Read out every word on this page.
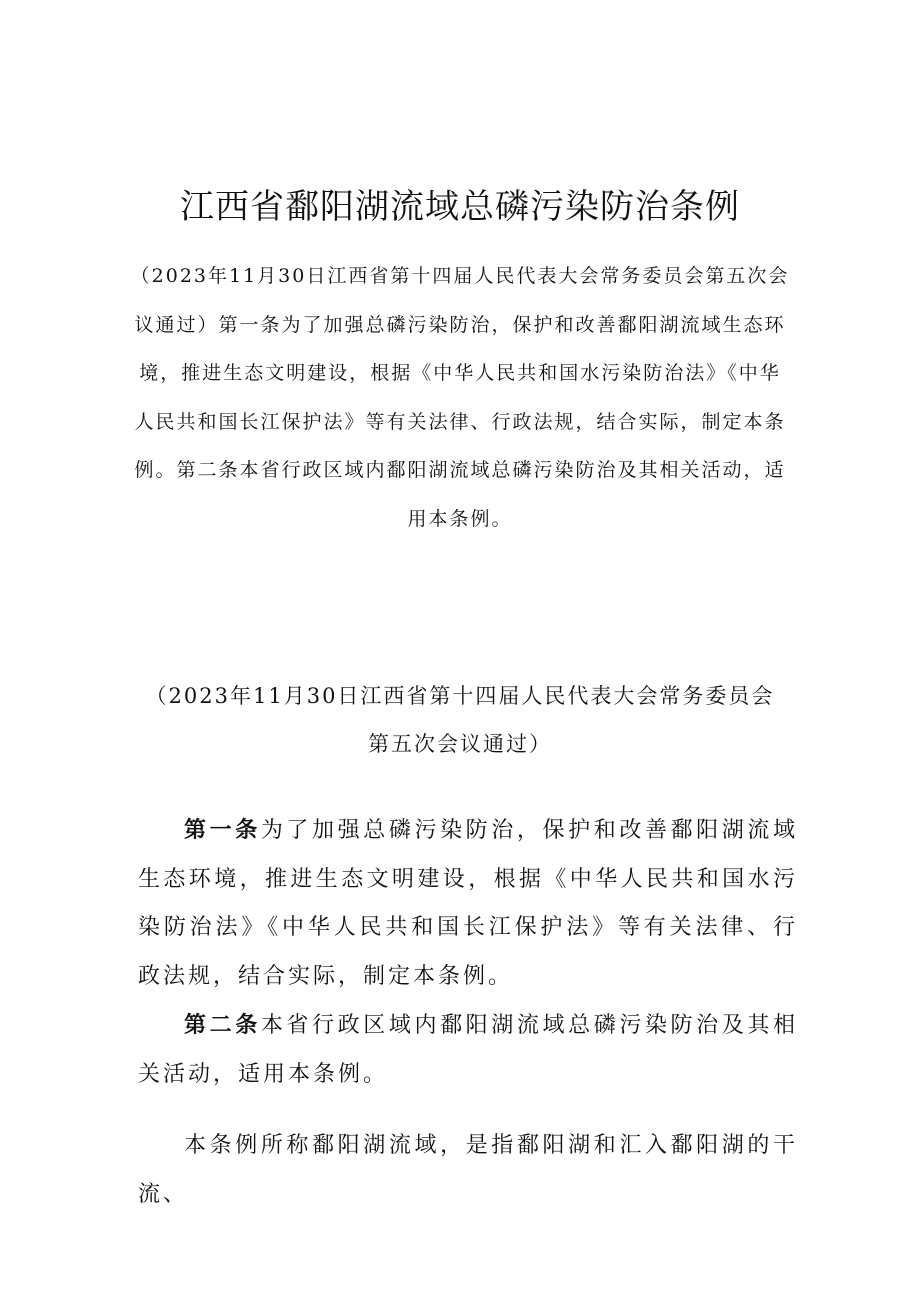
江西省鄱阳湖流域总磷污染防治条例

（2023年11月30日江西省第十四届人民代表大会常务委员会第五次会议通过）第一条为了加强总磷污染防治，保护和改善鄱阳湖流域生态环境，推进生态文明建设，根据《中华人民共和国水污染防治法》《中华人民共和国长江保护法》等有关法律、行政法规，结合实际，制定本条例。第二条本省行政区域内鄱阳湖流域总磷污染防治及其相关活动，适用本条例。

（2023年11月30日江西省第十四届人民代表大会常务委员会第五次会议通过）

第一条为了加强总磷污染防治，保护和改善鄱阳湖流域生态环境，推进生态文明建设，根据《中华人民共和国水污染防治法》《中华人民共和国长江保护法》等有关法律、行政法规，结合实际，制定本条例。

第二条本省行政区域内鄱阳湖流域总磷污染防治及其相关活动，适用本条例。

本条例所称鄱阳湖流域，是指鄱阳湖和汇入鄱阳湖的干流、
